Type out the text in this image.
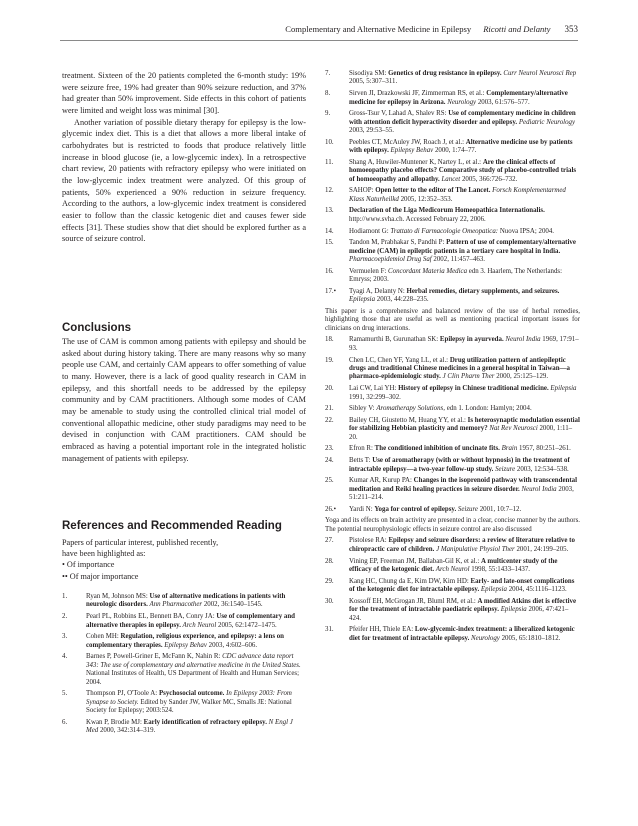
Complementary and Alternative Medicine in Epilepsy Ricotti and Delanty 353

treatment. Sixteen of the 20 patients completed the 6-month study: 19% were seizure free, 19% had greater than 90% seizure reduction, and 37% had greater than 50% improvement. Side effects in this cohort of patients were limited and weight loss was minimal [30].

Another variation of possible dietary therapy for epilepsy is the low-glycemic index diet. This is a diet that allows a more liberal intake of carbohydrates but is restricted to foods that produce relatively little increase in blood glucose (ie, a low-glycemic index). In a retrospective chart review, 20 patients with refractory epilepsy who were initiated on the low-glycemic index treatment were analyzed. Of this group of patients, 50% experienced a 90% reduction in seizure frequency. According to the authors, a low-glycemic index treatment is considered easier to follow than the classic ketogenic diet and causes fewer side effects [31]. These studies show that diet should be explored further as a source of seizure control.

Conclusions

The use of CAM is common among patients with epilepsy and should be asked about during history taking. There are many reasons why so many people use CAM, and certainly CAM appears to offer something of value to many. However, there is a lack of good quality research in CAM in epilepsy, and this shortfall needs to be addressed by the epilepsy community and by CAM practitioners. Although some modes of CAM may be amenable to study using the controlled clinical trial model of conventional allopathic medicine, other study paradigms may need to be devised in conjunction with CAM practitioners. CAM should be embraced as having a potential important role in the integrated holistic management of patients with epilepsy.

References and Recommended Reading
Papers of particular interest, published recently,
have been highlighted as:
• Of importance
•• Of major importance
1.	Ryan M, Johnson MS: Use of alternative medications in patients with neurologic disorders. Ann Pharmacother 2002, 36:1540–1545.
2.	Pearl PL, Robbins EL, Bennett BA, Conry JA: Use of complementary and alternative therapies in epilepsy. Arch Neurol 2005, 62:1472–1475.
3.	Cohen MH: Regulation, religious experience, and epilepsy: a lens on complementary therapies. Epilepsy Behav 2003, 4:602–606.
4.	Barnes P, Powell-Griner E, McFann K, Nahin R: CDC advance data report 343: The use of complementary and alternative medicine in the United States. National Institutes of Health, US Department of Health and Human Services; 2004.
5.	Thompson PJ, O'Toole A: Psychosocial outcome. In Epilepsy 2003: From Synapse to Society. Edited by Sander JW, Walker MC, Smalls JE: National Society for Epilepsy; 2003:524.
6.	Kwan P, Brodie MJ: Early identification of refractory epilepsy. N Engl J Med 2000, 342:314–319.
7.	Sisodiya SM: Genetics of drug resistance in epilepsy. Curr Neurol Neurosci Rep 2005, 5:307–311.
8.	Sirven JI, Drazkowski JF, Zimmerman RS, et al.: Complementary/alternative medicine for epilepsy in Arizona. Neurology 2003, 61:576–577.
9.	Gross-Tsur V, Lahad A, Shalev RS: Use of complementary medicine in children with attention deficit hyperactivity disorder and epilepsy. Pediatric Neurology 2003, 29:53–55.
10. Peebles CT, McAuley JW, Roach J, et al.: Alternative medicine use by patients with epilepsy. Epilepsy Behav 2000, 1:74–77.
11. Shang A, Huwiler-Muntener K, Nartey L, et al.: Are the clinical effects of homoeopathy placebo effects? Comparative study of placebo-controlled trials of homoeopathy and allopathy. Lancet 2005, 366:726–732.
12. SAHOP: Open letter to the editor of The Lancet. Forsch Komplementarmed Klass Naturheilkd 2005, 12:352–353.
13. Declaration of the Liga Medicorum Homeopathica Internationalis. http://www.svha.ch. Accessed February 22, 2006.
14. Hodiamont G: Trattato di Farmacologie Omeopatica: Nuova IPSA; 2004.
15. Tandon M, Prabhakar S, Pandhi P: Pattern of use of complementary/alternative medicine (CAM) in epileptic patients in a tertiary care hospital in India. Pharmacoepidemiol Drug Saf 2002, 11:457–463.
16. Vermuelen F: Concordant Materia Medica edn 3. Haarlem, The Netherlands: Emryss; 2003.
17.• Tyagi A, Delanty N: Herbal remedies, dietary supplements, and seizures. Epilepsia 2003, 44:228–235.

This paper is a comprehensive and balanced review of the use of herbal remedies, highlighting those that are useful as well as mentioning practical important issues for clinicians on drug interactions.

18. Ramamurthi B, Gurunathan SK: Epilepsy in ayurveda. Neurol India 1969, 17:91–93.
19. Chen LC, Chen YF, Yang LL, et al.: Drug utilization pattern of antiepileptic drugs and traditional Chinese medicines in a general hospital in Taiwan—a pharmaco-epidemiologic study. J Clin Pharm Ther 2000, 25:125–129.
20. Lai CW, Lai YH: History of epilepsy in Chinese traditional medicine. Epilepsia 1991, 32:299–302.
21. Sibley V: Aromatherapy Solutions, edn 1. London: Hamlyn; 2004.
22. Bailey CH, Giustetto M, Huang YY, et al.: Is heterosynaptic modulation essential for stabilizing Hebbian plasticity and memory? Nat Rev Neurosci 2000, 1:11–20.
23. Efron R: The conditioned inhibition of uncinate fits. Brain 1957, 80:251–261.
24. Betts T: Use of aromatherapy (with or without hypnosis) in the treatment of intractable epilepsy—a two-year follow-up study. Seizure 2003, 12:534–538.
25. Kumar AR, Kurup PA: Changes in the isoprenoid pathway with transcendental meditation and Reiki healing practices in seizure disorder. Neurol India 2003, 51:211–214.
26.• Yardi N: Yoga for control of epilepsy. Seizure 2001, 10:7–12.

Yoga and its effects on brain activity are presented in a clear, concise manner by the authors. The potential neurophysiologic effects in seizure control are also discussed

27. Pistolese RA: Epilepsy and seizure disorders: a review of literature relative to chiropractic care of children. J Manipulative Physiol Ther 2001, 24:199–205.
28. Vining EP, Freeman JM, Ballaban-Gil K, et al.: A multicenter study of the efficacy of the ketogenic diet. Arch Neurol 1998, 55:1433–1437.
29. Kang HC, Chung da E, Kim DW, Kim HD: Early- and late-onset complications of the ketogenic diet for intractable epilepsy. Epilepsia 2004, 45:1116–1123.
30. Kossoff EH, McGrogan JR, Bluml RM, et al.: A modified Atkins diet is effective for the treatment of intractable paediatric epilepsy. Epilepsia 2006, 47:421–424.
31. Pfeifer HH, Thiele EA: Low-glycemic-index treatment: a liberalized ketogenic diet for treatment of intractable epilepsy. Neurology 2005, 65:1810–1812.
